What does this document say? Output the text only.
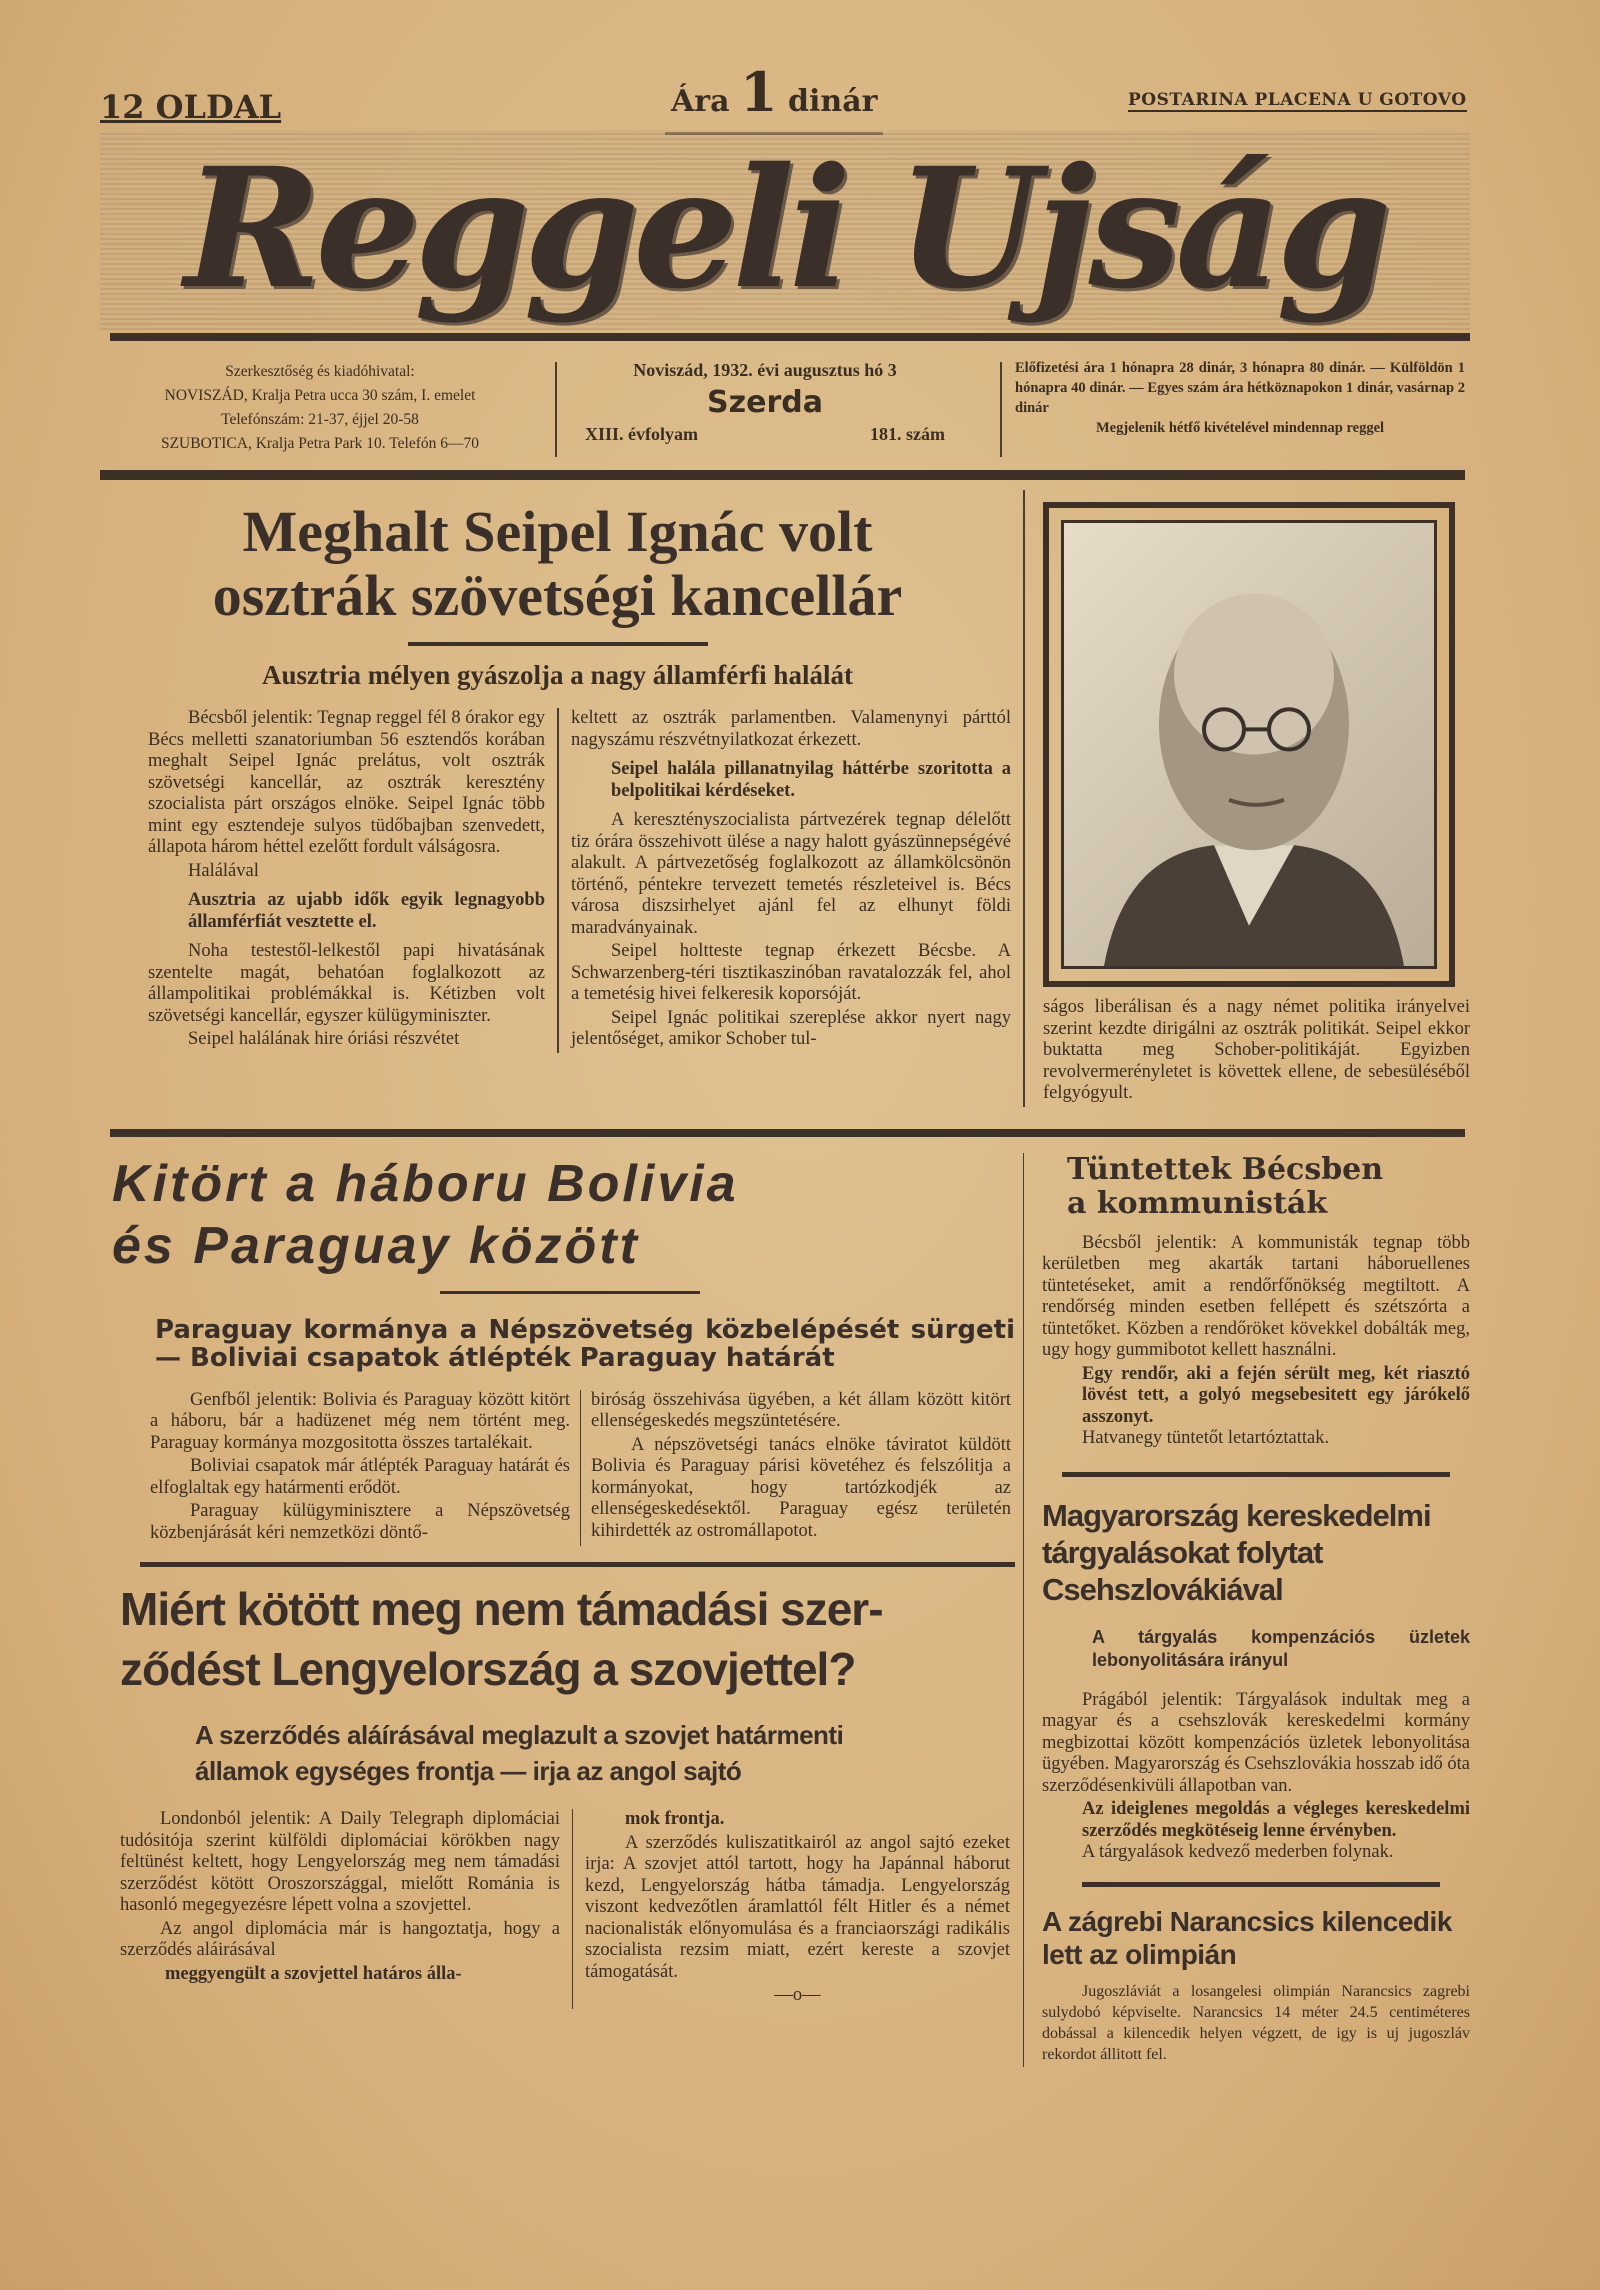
12 OLDAL	Ára 1 dinár	POSTARINA PLACENA U GOTOVO
Reggeli Ujság
Szerkesztőség és kiadóhivatal:
NOVISZÁD, Kralja Petra ucca 30 szám, I. emelet
Telefónszám: 21-37, éjjel 20-58
SZUBOTICA, Kralja Petra Park 10. Telefón 6—70
Noviszád, 1932. évi augusztus hó 3
Szerda
XIII. évfolyam	181. szám
Előfizetési ára 1 hónapra 28 dinár, 3 hónapra 80 dinár. — Külföldön 1 hónapra 40 dinár. — Egyes szám ára hétköznapokon 1 dinár, vasárnap 2 dinár
Megjelenik hétfő kivételével mindennap reggel
Meghalt Seipel Ignác volt
osztrák szövetségi kancellár
Ausztria mélyen gyászolja a nagy államférfi halálát

Bécsből jelentik: Tegnap reggel fél 8 órakor egy Bécs melletti szanatoriumban 56 esztendős korában meghalt Seipel Ignác prelátus, volt osztrák szövetségi kancellár, az osztrák keresztény szocialista párt országos elnöke. Seipel Ignác több mint egy esztendeje sulyos tüdőbajban szenvedett, állapota három héttel ezelőtt fordult válságosra.

Halálával

Ausztria az ujabb idők egyik legnagyobb államférfiát vesztette el.

Noha testestől-lelkestől papi hivatásának szentelte magát, behatóan foglalkozott az állampolitikai problémákkal is. Kétizben volt szövetségi kancellár, egyszer külügyminiszter.

Seipel halálának hire óriási részvétet

keltett az osztrák parlamentben. Valamenynyi párttól nagyszámu részvétnyilatkozat érkezett.

Seipel halála pillanatnyilag háttérbe szoritotta a belpolitikai kérdéseket.

A keresztényszocialista pártvezérek tegnap délelőtt tiz órára összehivott ülése a nagy halott gyászünnepségévé alakult. A pártvezetőség foglalkozott az államkölcsönön történő, péntekre tervezett temetés részleteivel is. Bécs városa diszsirhelyet ajánl fel az elhunyt földi maradványainak.

Seipel holtteste tegnap érkezett Bécsbe. A Schwarzenberg-téri tisztikaszinóban ravatalozzák fel, ahol a temetésig hivei felkeresik koporsóját.

Seipel Ignác politikai szereplése akkor nyert nagy jelentőséget, amikor Schober tul-

ságos liberálisan és a nagy német politika irányelvei szerint kezdte dirigálni az osztrák politikát. Seipel ekkor buktatta meg Schober-politikáját. Egyizben revolvermerényletet is követtek ellene, de sebesüléséből felgyógyult.

Kitört a háboru Bolivia
és Paraguay között
Paraguay kormánya a Népszövetség közbelépését sürgeti — Boliviai csapatok átlépték Paraguay határát

Genfből jelentik: Bolivia és Paraguay között kitört a háboru, bár a hadüzenet még nem történt meg. Paraguay kormánya mozgositotta összes tartalékait.

Boliviai csapatok már átlépték Paraguay határát és elfoglaltak egy határmenti erődöt.

Paraguay külügyminisztere a Népszövetség közbenjárását kéri nemzetközi döntő-

biróság összehivása ügyében, a két állam között kitört ellenségeskedés megszüntetésére.

A népszövetségi tanács elnöke táviratot küldött Bolivia és Paraguay párisi követéhez és felszólitja a kormányokat, hogy tartózkodjék az ellenségeskedésektől. Paraguay egész területén kihirdették az ostromállapotot.

Miért kötött meg nem támadási szer-
ződést Lengyelország a szovjettel?
A szerződés aláírásával meglazult a szovjet határmenti
államok egységes frontja — irja az angol sajtó

Londonból jelentik: A Daily Telegraph diplomáciai tudósitója szerint külföldi diplomáciai körökben nagy feltünést keltett, hogy Lengyelország meg nem támadási szerződést kötött Oroszországgal, mielőtt Románia is hasonló megegyezésre lépett volna a szovjettel.

Az angol diplomácia már is hangoztatja, hogy a szerződés aláirásával

meggyengült a szovjettel határos álla-

mok frontja.

A szerződés kuliszatitkairól az angol sajtó ezeket irja: A szovjet attól tartott, hogy ha Japánnal háborut kezd, Lengyelország hátba támadja. Lengyelország viszont kedvezőtlen áramlattól félt Hitler és a német nacionalisták előnyomulása és a franciaországi radikális szocialista rezsim miatt, ezért kereste a szovjet támogatását.

—o—

Tüntettek Bécsben
a kommunisták

Bécsből jelentik: A kommunisták tegnap több kerületben meg akarták tartani háboruellenes tüntetéseket, amit a rendőrfőnökség megtiltott. A rendőrség minden esetben fellépett és szétszórta a tüntetőket. Közben a rendőröket kövekkel dobálták meg, ugy hogy gummibotot kellett használni.

Egy rendőr, aki a fején sérült meg, két riasztó lövést tett, a golyó megsebesitett egy járókelő asszonyt.

Hatvanegy tüntetőt letartóztattak.

Magyarország kereskedelmi tárgyalásokat folytat Csehszlovákiával
A tárgyalás kompenzációs üzletek lebonyolitására irányul

Prágából jelentik: Tárgyalások indultak meg a magyar és a csehszlovák kereskedelmi kormány megbizottai között kompenzációs üzletek lebonyolitása ügyében. Magyarország és Csehszlovákia hosszab idő óta szerződésenkivüli állapotban van.

Az ideiglenes megoldás a végleges kereskedelmi szerződés megkötéseig lenne érvényben.

A tárgyalások kedvező mederben folynak.

A zágrebi Narancsics kilencedik lett az olimpián

Jugoszláviát a losangelesi olimpián Narancsics zagrebi sulydobó képviselte. Narancsics 14 méter 24.5 centiméteres dobással a kilencedik helyen végzett, de igy is uj jugoszláv rekordot állitott fel.
